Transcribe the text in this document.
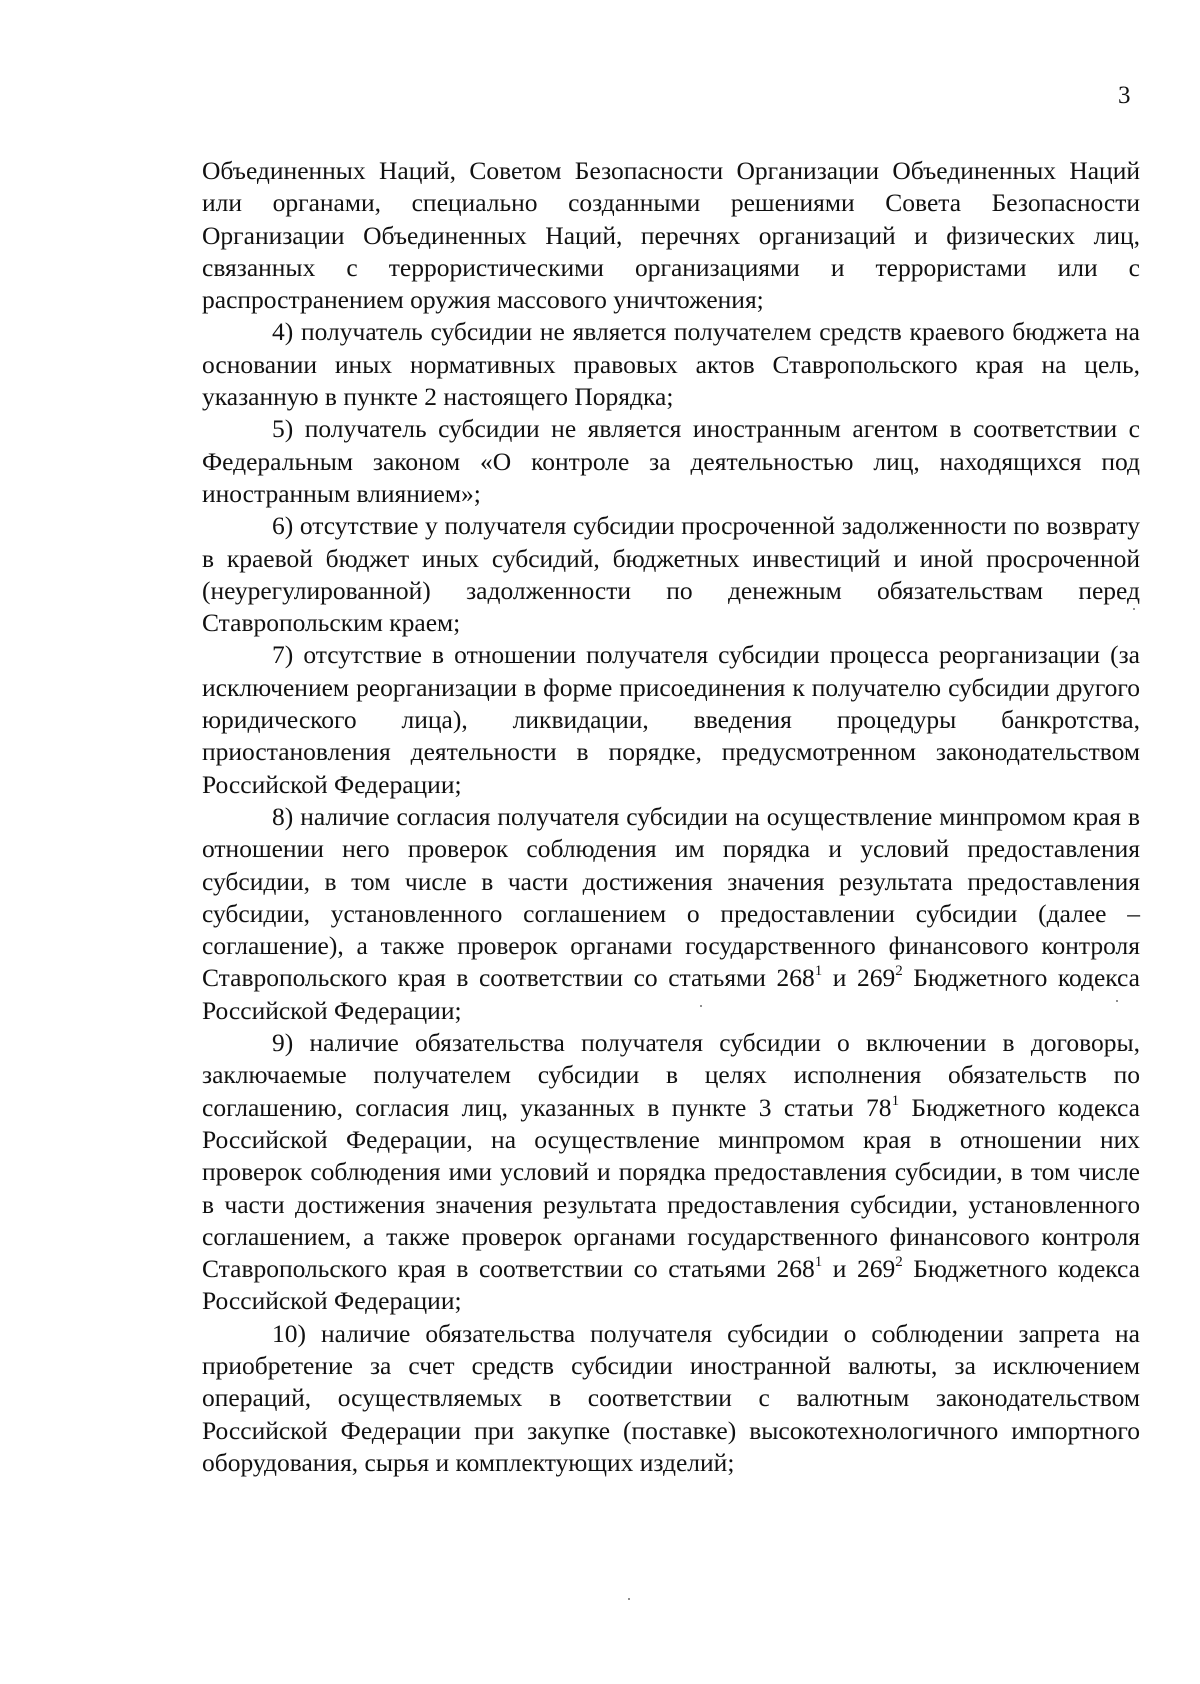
3

Объединенных Наций, Советом Безопасности Организации Объединенных Наций или органами, специально созданными решениями Совета Безопасности Организации Объединенных Наций, перечнях организаций и физических лиц, связанных с террористическими организациями и террористами или с распространением оружия массового уничтожения;

4) получатель субсидии не является получателем средств краевого бюджета на основании иных нормативных правовых актов Ставропольского края на цель, указанную в пункте 2 настоящего Порядка;

5) получатель субсидии не является иностранным агентом в соответствии с Федеральным законом «О контроле за деятельностью лиц, находящихся под иностранным влиянием»;

6) отсутствие у получателя субсидии просроченной задолженности по возврату в краевой бюджет иных субсидий, бюджетных инвестиций и иной просроченной (неурегулированной) задолженности по денежным обязательствам перед Ставропольским краем;

7) отсутствие в отношении получателя субсидии процесса реорганизации (за исключением реорганизации в форме присоединения к получателю субсидии другого юридического лица), ликвидации, введения процедуры банкротства, приостановления деятельности в порядке, предусмотренном законодательством Российской Федерации;

8) наличие согласия получателя субсидии на осуществление минпромом края в отношении него проверок соблюдения им порядка и условий предоставления субсидии, в том числе в части достижения значения результата предоставления субсидии, установленного соглашением о предоставлении субсидии (далее – соглашение), а также проверок органами государственного финансового контроля Ставропольского края в соответствии со статьями $268^1$ и $269^2$ Бюджетного кодекса Российской Федерации;

9) наличие обязательства получателя субсидии о включении в договоры, заключаемые получателем субсидии в целях исполнения обязательств по соглашению, согласия лиц, указанных в пункте 3 статьи $78^1$ Бюджетного кодекса Российской Федерации, на осуществление минпромом края в отношении них проверок соблюдения ими условий и порядка предоставления субсидии, в том числе в части достижения значения результата предоставления субсидии, установленного соглашением, а также проверок органами государственного финансового контроля Ставропольского края в соответствии со статьями $268^1$ и $269^2$ Бюджетного кодекса Российской Федерации;

10) наличие обязательства получателя субсидии о соблюдении запрета на приобретение за счет средств субсидии иностранной валюты, за исключением операций, осуществляемых в соответствии с валютным законодательством Российской Федерации при закупке (поставке) высокотехнологичного импортного оборудования, сырья и комплектующих изделий;
